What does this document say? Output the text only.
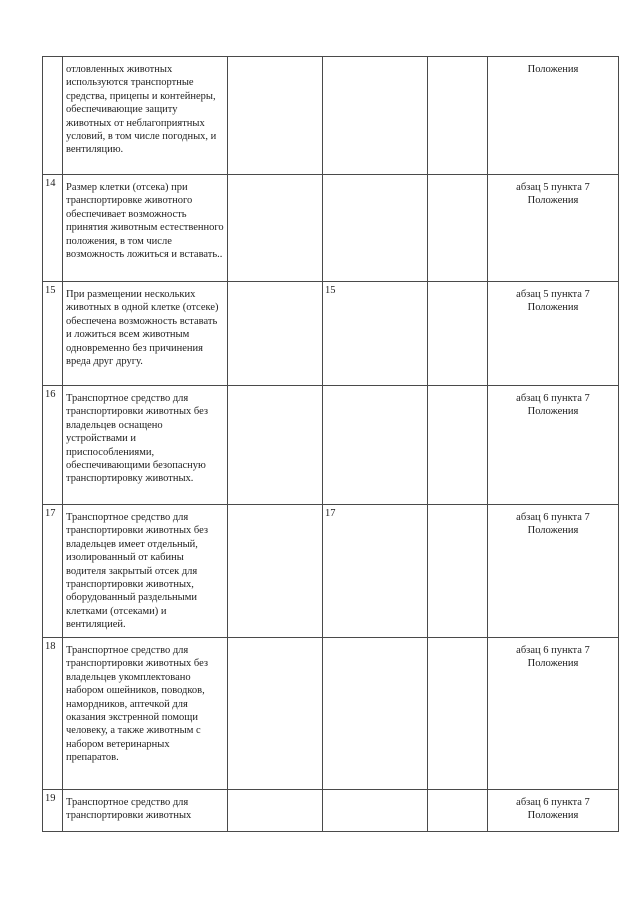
	отловленных животных используются транспортные средства, прицепы и контейнеры, обеспечивающие защиту животных от неблагоприятных условий, в том числе погодных, и вентиляцию.				Положения
14	Размер клетки (отсека) при транспортировке животного обеспечивает возможность принятия животным естественного положения, в том числе возможность ложиться и вставать..				абзац 5 пункта 7 Положения
15	При размещении нескольких животных в одной клетке (отсеке) обеспечена возможность вставать и ложиться всем животным одновременно без причинения вреда друг другу.		15		абзац 5 пункта 7 Положения
16	Транспортное средство для транспортировки животных без владельцев оснащено устройствами и приспособлениями, обеспечивающими безопасную транспортировку животных.				абзац 6 пункта 7 Положения
17	Транспортное средство для транспортировки животных без владельцев имеет отдельный, изолированный от кабины водителя закрытый отсек для транспортировки животных, оборудованный раздельными клетками (отсеками) и вентиляцией.		17		абзац 6 пункта 7 Положения
18	Транспортное средство для транспортировки животных без владельцев укомплектовано набором ошейников, поводков, намордников, аптечкой для оказания экстренной помощи человеку, а также животным с набором ветеринарных препаратов.				абзац 6 пункта 7 Положения
19	Транспортное средство для транспортировки животных				абзац 6 пункта 7 Положения
